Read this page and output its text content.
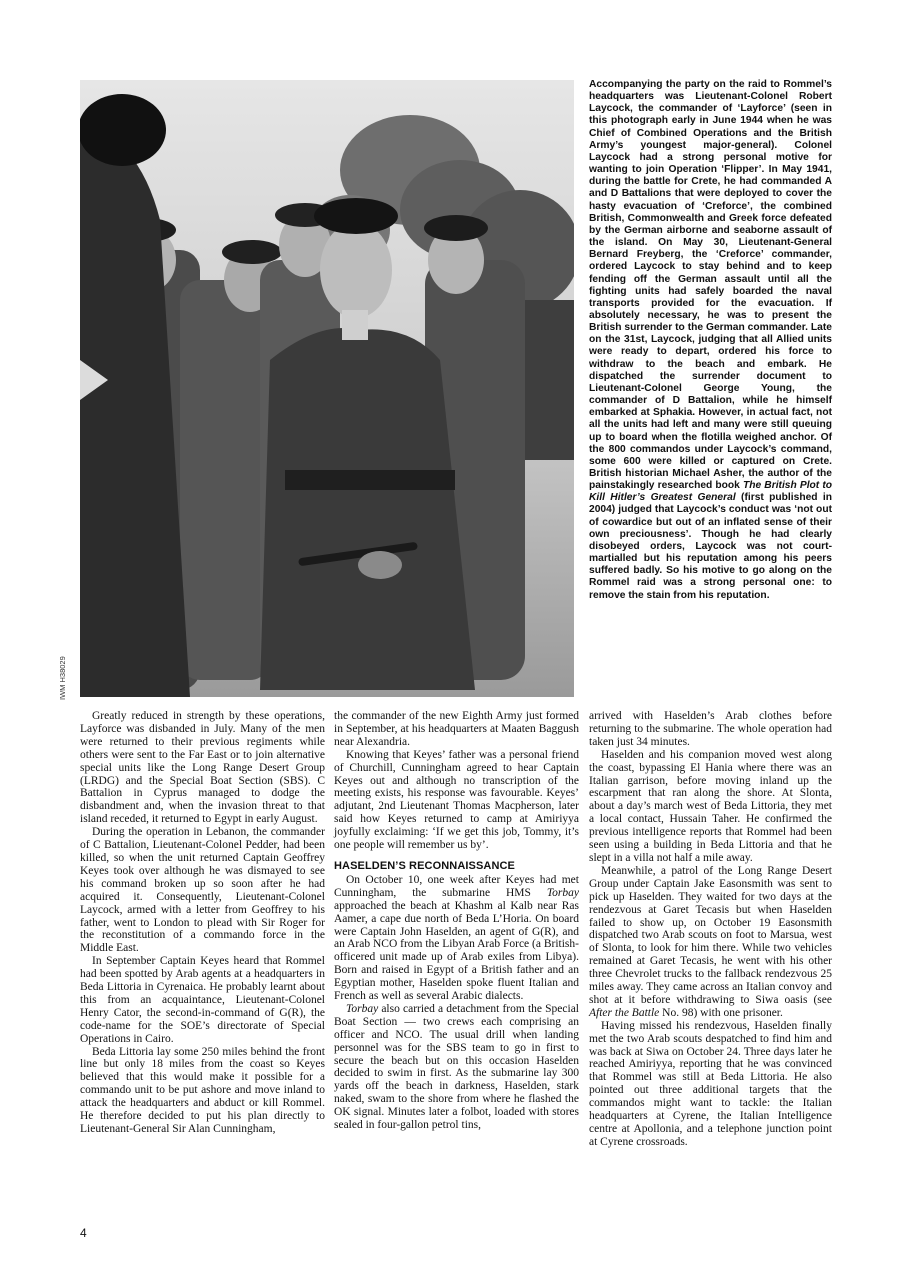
IWM H38029

Accompanying the party on the raid to Rommel’s headquarters was Lieutenant-Colonel Robert Laycock, the commander of ‘Layforce’ (seen in this photograph early in June 1944 when he was Chief of Combined Operations and the British Army’s youngest major-general). Colonel Laycock had a strong personal motive for wanting to join Operation ‘Flipper’. In May 1941, during the battle for Crete, he had commanded A and D Battalions that were deployed to cover the hasty evacuation of ‘Creforce’, the combined British, Commonwealth and Greek force defeated by the German airborne and seaborne assault of the island. On May 30, Lieutenant-General Bernard Freyberg, the ‘Creforce’ commander, ordered Laycock to stay behind and to keep fending off the German assault until all the fighting units had safely boarded the naval transports provided for the evacuation. If absolutely necessary, he was to present the British surrender to the German commander. Late on the 31st, Laycock, judging that all Allied units were ready to depart, ordered his force to withdraw to the beach and embark. He dispatched the surrender document to Lieutenant-Colonel George Young, the commander of D Battalion, while he himself embarked at Sphakia. However, in actual fact, not all the units had left and many were still queuing up to board when the flotilla weighed anchor. Of the 800 commandos under Laycock’s command, some 600 were killed or captured on Crete. British historian Michael Asher, the author of the painstakingly researched book The British Plot to Kill Hitler’s Greatest General (first published in 2004) judged that Laycock’s conduct was ‘not out of cowardice but out of an inflated sense of their own preciousness’. Though he had clearly disobeyed orders, Laycock was not court-martialled but his reputation among his peers suffered badly. So his motive to go along on the Rommel raid was a strong personal one: to remove the stain from his reputation.

Greatly reduced in strength by these operations, Layforce was disbanded in July. Many of the men were returned to their previous regiments while others were sent to the Far East or to join alternative special units like the Long Range Desert Group (LRDG) and the Special Boat Section (SBS). C Battalion in Cyprus managed to dodge the disbandment and, when the invasion threat to that island receded, it returned to Egypt in early August.

During the operation in Lebanon, the commander of C Battalion, Lieutenant-Colonel Pedder, had been killed, so when the unit returned Captain Geoffrey Keyes took over although he was dismayed to see his command broken up so soon after he had acquired it. Consequently, Lieutenant-Colonel Laycock, armed with a letter from Geoffrey to his father, went to London to plead with Sir Roger for the reconstitution of a commando force in the Middle East.

In September Captain Keyes heard that Rommel had been spotted by Arab agents at a headquarters in Beda Littoria in Cyrenaica. He probably learnt about this from an acquaintance, Lieutenant-Colonel Henry Cator, the second-in-command of G(R), the code-name for the SOE’s directorate of Special Operations in Cairo.

Beda Littoria lay some 250 miles behind the front line but only 18 miles from the coast so Keyes believed that this would make it possible for a commando unit to be put ashore and move inland to attack the headquarters and abduct or kill Rommel. He therefore decided to put his plan directly to Lieutenant-General Sir Alan Cunningham,

the commander of the new Eighth Army just formed in September, at his headquarters at Maaten Baggush near Alexandria.

Knowing that Keyes’ father was a personal friend of Churchill, Cunningham agreed to hear Captain Keyes out and although no transcription of the meeting exists, his response was favourable. Keyes’ adjutant, 2nd Lieutenant Thomas Macpherson, later said how Keyes returned to camp at Amiriyya joyfully exclaiming: ‘If we get this job, Tommy, it’s one people will remember us by’.

HASELDEN’S RECONNAISSANCE

On October 10, one week after Keyes had met Cunningham, the submarine HMS Torbay approached the beach at Khashm al Kalb near Ras Aamer, a cape due north of Beda L’Horia. On board were Captain John Haselden, an agent of G(R), and an Arab NCO from the Libyan Arab Force (a British-officered unit made up of Arab exiles from Libya). Born and raised in Egypt of a British father and an Egyptian mother, Haselden spoke fluent Italian and French as well as several Arabic dialects.

Torbay also carried a detachment from the Special Boat Section — two crews each comprising an officer and NCO. The usual drill when landing personnel was for the SBS team to go in first to secure the beach but on this occasion Haselden decided to swim in first. As the submarine lay 300 yards off the beach in darkness, Haselden, stark naked, swam to the shore from where he flashed the OK signal. Minutes later a folbot, loaded with stores sealed in four-gallon petrol tins,

arrived with Haselden’s Arab clothes before returning to the submarine. The whole operation had taken just 34 minutes.

Haselden and his companion moved west along the coast, bypassing El Hania where there was an Italian garrison, before moving inland up the escarpment that ran along the shore. At Slonta, about a day’s march west of Beda Littoria, they met a local contact, Hussain Taher. He confirmed the previous intelligence reports that Rommel had been seen using a building in Beda Littoria and that he slept in a villa not half a mile away.

Meanwhile, a patrol of the Long Range Desert Group under Captain Jake Easonsmith was sent to pick up Haselden. They waited for two days at the rendezvous at Garet Tecasis but when Haselden failed to show up, on October 19 Easonsmith dispatched two Arab scouts on foot to Marsua, west of Slonta, to look for him there. While two vehicles remained at Garet Tecasis, he went with his other three Chevrolet trucks to the fallback rendezvous 25 miles away. They came across an Italian convoy and shot at it before withdrawing to Siwa oasis (see After the Battle No. 98) with one prisoner.

Having missed his rendezvous, Haselden finally met the two Arab scouts despatched to find him and was back at Siwa on October 24. Three days later he reached Amiriyya, reporting that he was convinced that Rommel was still at Beda Littoria. He also pointed out three additional targets that the commandos might want to tackle: the Italian headquarters at Cyrene, the Italian Intelligence centre at Apollonia, and a telephone junction point at Cyrene crossroads.

4
